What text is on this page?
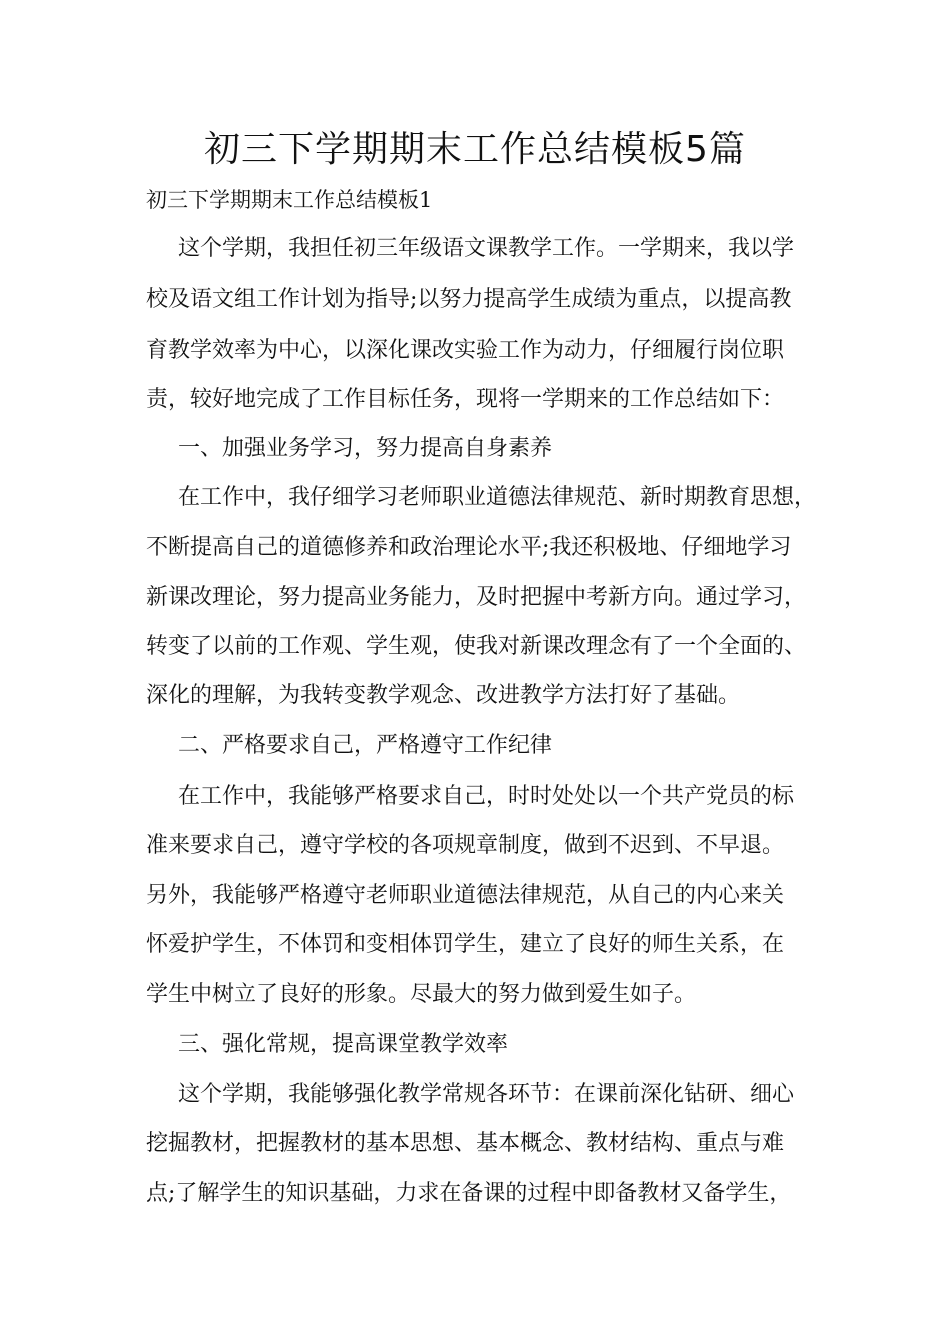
初三下学期期末工作总结模板5篇

初三下学期期末工作总结模板1

这个学期，我担任初三年级语文课教学工作。一学期来，我以学

校及语文组工作计划为指导;以努力提高学生成绩为重点，以提高教

育教学效率为中心，以深化课改实验工作为动力，仔细履行岗位职

责，较好地完成了工作目标任务，现将一学期来的工作总结如下：

一、加强业务学习，努力提高自身素养

在工作中，我仔细学习老师职业道德法律规范、新时期教育思想，

不断提高自己的道德修养和政治理论水平;我还积极地、仔细地学习

新课改理论，努力提高业务能力，及时把握中考新方向。通过学习，

转变了以前的工作观、学生观，使我对新课改理念有了一个全面的、

深化的理解，为我转变教学观念、改进教学方法打好了基础。

二、严格要求自己，严格遵守工作纪律

在工作中，我能够严格要求自己，时时处处以一个共产党员的标

准来要求自己，遵守学校的各项规章制度，做到不迟到、不早退。

另外，我能够严格遵守老师职业道德法律规范，从自己的内心来关

怀爱护学生，不体罚和变相体罚学生，建立了良好的师生关系，在

学生中树立了良好的形象。尽最大的努力做到爱生如子。

三、强化常规，提高课堂教学效率

这个学期，我能够强化教学常规各环节：在课前深化钻研、细心

挖掘教材，把握教材的基本思想、基本概念、教材结构、重点与难

点;了解学生的知识基础，力求在备课的过程中即备教材又备学生，
